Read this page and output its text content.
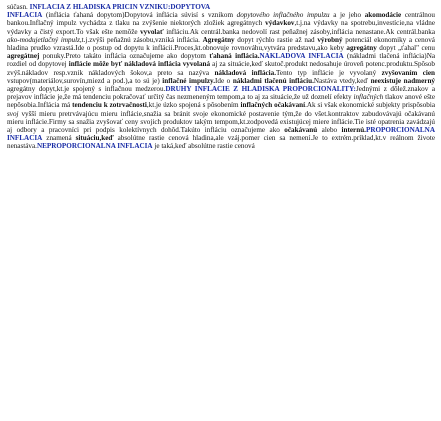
súčasn. INFLACIA Z HLADISKA PRICIN VZNIKU:DOPYTOVA
INFLACIA (inflácia ťahaná dopytom)Dopytová inflácia súvisí s vznikom dopytového inflačného impulzu a je jeho akomodácie centrálnou bankou.Inflačný impulz vychádza z tlaku na zvýšenie niektorých zložiek agregátnych výdavkov,t.j.na výdavky na spotrebu,investície,na vládne výdavky a čistý export.To však ešte nemôže vyvolať infláciu.Ak centrál.banka nedovolí rast peňažnej zásoby,inflácia nenastane.Ak centrál.banka ako-modujetlačný impulz,t.j.zvýši peňažnú zásobu,vzniká inflácia. Agregátny dopyt rýchlo rastie až nad výrobný potenciál ekonomiky a cenová hladina prudko vzrastá.Ide o postup od dopytu k inflácii.Proces,kt.obnovuje rovnováhu,vytvára predstavu,ako keby agregátny dopyt „ťahal" cenu agregátnej ponuky.Preto takáto inflácia označujeme ako dopytom ťahaná inflácia.NAKLADOVA INFLACIA (nákladmi tlačená inflácia)Na rozdiel od dopytovej inflácie môže byť nákladová inflácia vyvolaná aj za situácie,keď skutoč.produkt nedosahuje úroveň potenc.produktu.Spôsob zvýš.nákladov resp.vznik nákladových šokov,a preto sa nazýva nákladová inflácia.Tento typ inflácie je vyvolaný zvyšovaním cien vstupov(materiálov,surovín,miezd a pod.),a to sú je) inflačné impulzy.Ide o nákladmi tlačenú infláciu.Nastáva vtedy,keď neexistuje nadmerný agregátny dopyt,kt.je spojený s inflačnou medzerou.DRUHY INFLACIE Z HLADISKA PROPORCIONALITY:Jednými z dôlež.znakov a prejavov inflácie je,že má tendenciu pokračovať určitý čas nezmeneným tempom,a to aj za situácie,že už doznelí efekty inflačných tlakov anové ešte nepôsobia.Inflácia má tendenciu k zotrvačnosti,kt.je úzko spojená s pôsobením inflačných očakávaní.Ak si však ekonomické subjekty prispôsobia svoj vyšší mieru pretrvávajúcu mieru inflácie,snažia sa bránit svoje ekonomické postavenie tým,že do všet.kontraktov zabudovávajú očakávanú mieru inflácie.Firmy sa snažia zvyšovať ceny svojich produktov takým tempom,kt.zodpovedá existujúcej miere inflácie.Tie isté opatrenia zavádzajú aj odbory a pracovníci pri podpis kolektívnych dohôd.Takúto infláciu označujeme ako očakávanú alebo internú.PROPORCIONALNA INFLACIA znamená situáciu,keď absolútne rastie cenová hladina,ale vzáj.pomer cien sa nemení.Je to extrém.príklad,kt.v reálnom živote nenastáva.NEPROPORCIONALNA INFLACIA je taká,keď absolútne rastie cenová
